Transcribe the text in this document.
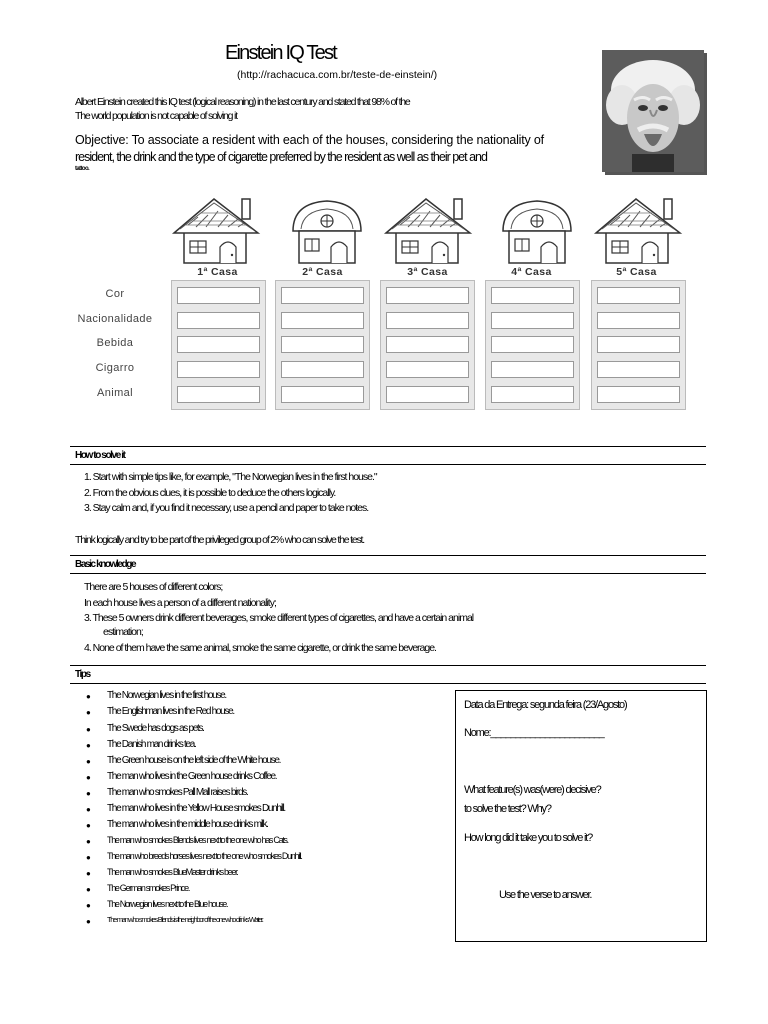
Einstein IQ Test
(http://rachacuca.com.br/teste-de-einstein/)
Albert Einstein created this IQ test (logical reasoning) in the last century and stated that 98% of the
The world population is not capable of solving it
Objective: To associate a resident with each of the houses, considering the nationality of
resident, the drink and the type of cigarette preferred by the resident as well as their pet and
tattoo.
1ª Casa	2ª Casa	3ª Casa	4ª Casa	5ª Casa
Cor
Nacionalidade
Bebida
Cigarro
Animal
How to solve it
1. Start with simple tips like, for example, "The Norwegian lives in the first house."
2. From the obvious clues, it is possible to deduce the others logically.
3. Stay calm and, if you find it necessary, use a pencil and paper to take notes.
Think logically and try to be part of the privileged group of 2% who can solve the test.
Basic knowledge
There are 5 houses of different colors;
In each house lives a person of a different nationality;
3. These 5 owners drink different beverages, smoke different types of cigarettes, and have a certain animal
estimation;
4. None of them have the same animal, smoke the same cigarette, or drink the same beverage.
Tips
● The Norwegian lives in the first house.
● The Englishman lives in the Red house.
● The Swede has dogs as pets.
● The Danish man drinks tea.
● The Green house is on the left side of the White house.
● The man who lives in the Green house drinks Coffee.
● The man who smokes Pall Mall raises birds.
● The man who lives in the Yellow House smokes Dunhill.
● The man who lives in the middle house drinks milk.
● The man who smokes Blends lives next to the one who has Cats.
● The man who breeds horses lives next to the one who smokes Dunhill.
● The man who smokes BlueMaster drinks beer.
● The German smokes Prince.
● The Norwegian lives next to the Blue house.
● The man who smokes Blends is the neighbor of the one who drinks Water.
Data da Entrega: segunda feira (23/Agosto)
Nome:_______________________
What feature(s) was(were) decisive?
to solve the test? Why?
How long did it take you to solve it?
Use the verse to answer.
